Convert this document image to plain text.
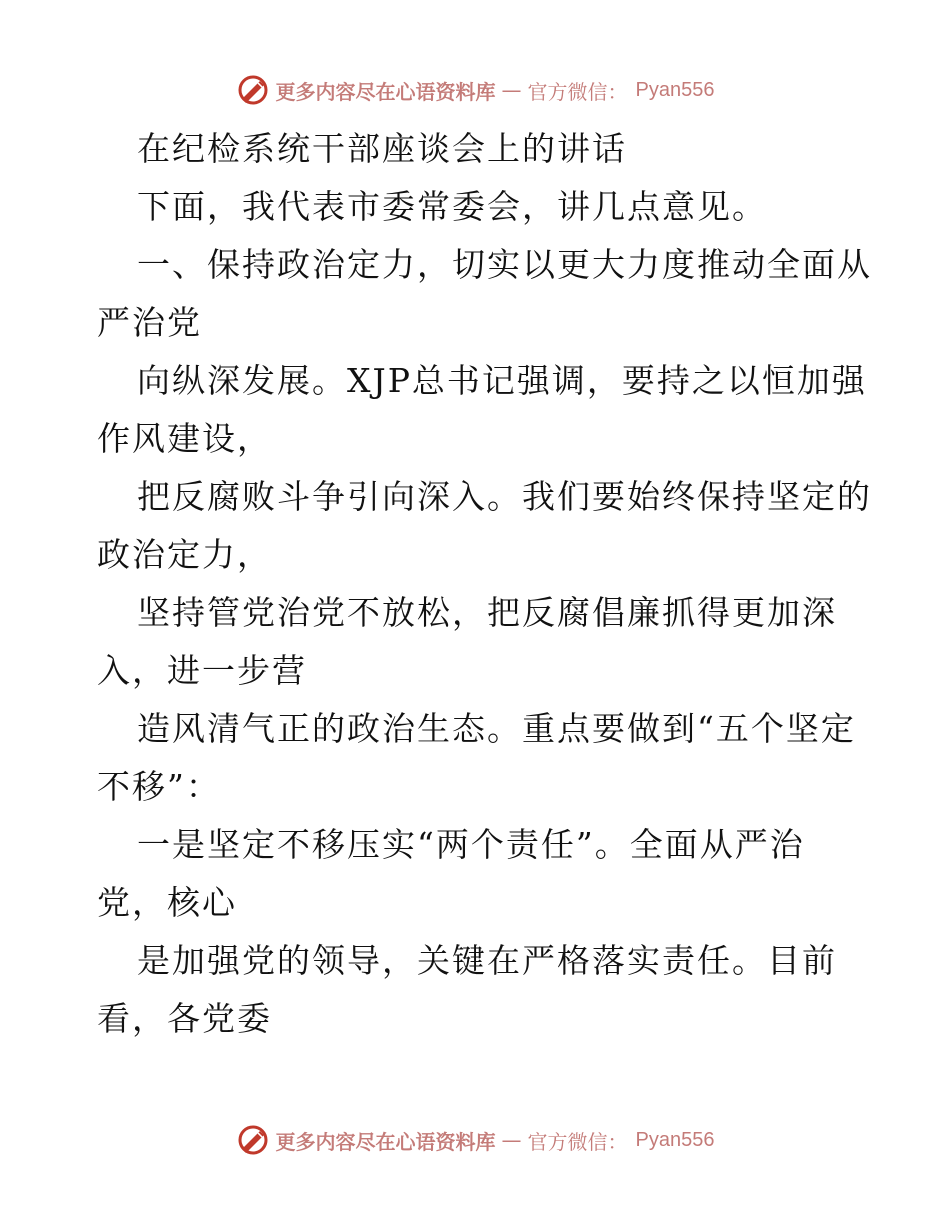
更多内容尽在心语资料库 — 官方微信： Pyan556
在纪检系统干部座谈会上的讲话
下面，我代表市委常委会，讲几点意见。
一、保持政治定力，切实以更大力度推动全面从
严治党
向纵深发展。XJP总书记强调，要持之以恒加强
作风建设，
把反腐败斗争引向深入。我们要始终保持坚定的
政治定力，
坚持管党治党不放松，把反腐倡廉抓得更加深
入，进一步营
造风清气正的政治生态。重点要做到“五个坚定
不移”：
一是坚定不移压实“两个责任”。全面从严治
党，核心
是加强党的领导，关键在严格落实责任。目前
看，各党委
更多内容尽在心语资料库 — 官方微信： Pyan556
